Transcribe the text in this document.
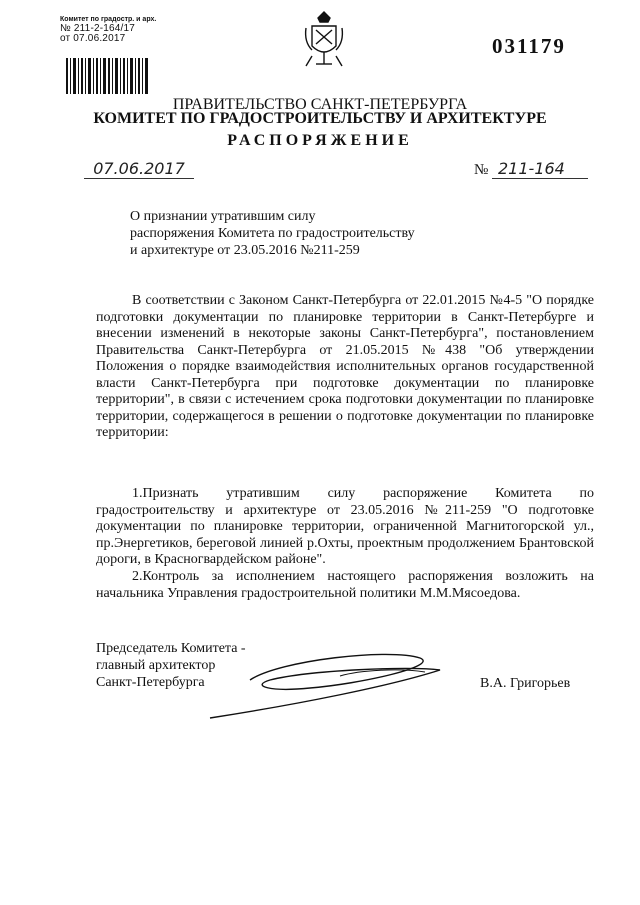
Комитет по градостр. и арх.
№ 211-2-164/17
от 07.06.2017	031179
ПРАВИТЕЛЬСТВО САНКТ-ПЕТЕРБУРГА
КОМИТЕТ ПО ГРАДОСТРОИТЕЛЬСТВУ И АРХИТЕКТУРЕ
РАСПОРЯЖЕНИЕ
07.06.2017	№ 211-164
О признании утратившим силу
распоряжения Комитета по градостроительству
и архитектуре от 23.05.2016 №211-259
В соответствии с Законом Санкт-Петербурга от 22.01.2015 №4-5 "О порядке подготовки документации по планировке территории в Санкт-Петербурге и внесении изменений в некоторые законы Санкт-Петербурга", постановлением Правительства Санкт-Петербурга от 21.05.2015 №438 "Об утверждении Положения о порядке взаимодействия исполнительных органов государственной власти Санкт-Петербурга при подготовке документации по планировке территории", в связи с истечением срока подготовки документации по планировке территории, содержащегося в решении о подготовке документации по планировке территории:
1.Признать утратившим силу распоряжение Комитета по градостроительству и архитектуре от 23.05.2016 №211-259 "О подготовке документации по планировке территории, ограниченной Магнитогорской ул., пр.Энергетиков, береговой линией р.Охты, проектным продолжением Брантовской дороги, в Красногвардейском районе".
2.Контроль за исполнением настоящего распоряжения возложить на начальника Управления градостроительной политики М.М.Мясоедова.
Председатель Комитета -
главный архитектор
Санкт-Петербурга	В.А. Григорьев
